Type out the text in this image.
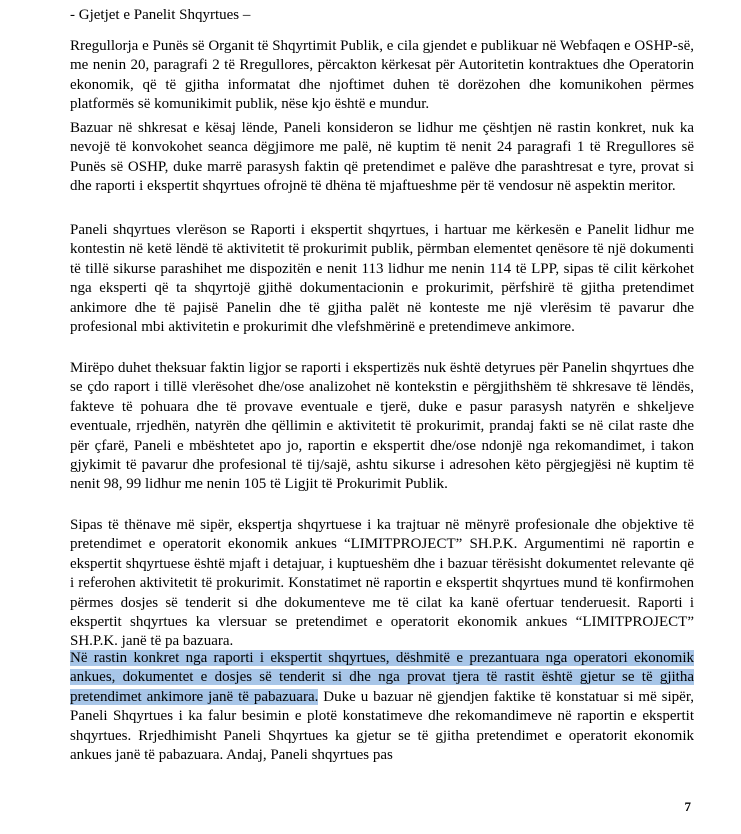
- Gjetjet e Panelit Shqyrtues –
Rregullorja e Punës së Organit të Shqyrtimit Publik, e cila gjendet e publikuar në Webfaqen e OSHP-së, me nenin 20, paragrafi 2 të Rregullores, përcakton kërkesat për Autoritetin kontraktues dhe Operatorin ekonomik, që të gjitha informatat dhe njoftimet duhen të dorëzohen dhe komunikohen përmes platformës së komunikimit publik, nëse kjo është e mundur.
Bazuar në shkresat e kësaj lënde, Paneli konsideron se lidhur me çështjen në rastin konkret, nuk ka nevojë të konvokohet seanca dëgjimore me palë, në kuptim të nenit 24 paragrafi 1 të Rregullores së Punës së OSHP, duke marrë parasysh faktin që pretendimet e palëve dhe parashtresat e tyre, provat si dhe raporti i ekspertit shqyrtues ofrojnë të dhëna të mjaftueshme për të vendosur në aspektin meritor.
Paneli shqyrtues vlerëson se Raporti i ekspertit shqyrtues, i hartuar me kërkesën e Panelit lidhur me kontestin në ketë lëndë të aktivitetit të prokurimit publik, përmban elementet qenësore të një dokumenti të tillë sikurse parashihet me dispozitën e nenit 113 lidhur me nenin 114 të LPP, sipas të cilit kërkohet nga eksperti që ta shqyrtojë gjithë dokumentacionin e prokurimit, përfshirë të gjitha pretendimet ankimore dhe të pajisë Panelin dhe të gjitha palët në konteste me një vlerësim të pavarur dhe profesional mbi aktivitetin e prokurimit dhe vlefshmërinë e pretendimeve ankimore.
Mirëpo duhet theksuar faktin ligjor se raporti i ekspertizës nuk është detyrues për Panelin shqyrtues dhe se çdo raport i tillë vlerësohet dhe/ose analizohet në kontekstin e përgjithshëm të shkresave të lëndës, fakteve të pohuara dhe të provave eventuale e tjerë, duke e pasur parasysh natyrën e shkeljeve eventuale, rrjedhën, natyrën dhe qëllimin e aktivitetit të prokurimit, prandaj fakti se në cilat raste dhe për çfarë, Paneli e mbështetet apo jo, raportin e ekspertit dhe/ose ndonjë nga rekomandimet, i takon gjykimit të pavarur dhe profesional të tij/sajë, ashtu sikurse i adresohen këto përgjegjësi në kuptim të nenit 98, 99 lidhur me nenin 105 të Ligjit të Prokurimit Publik.
Sipas të thënave më sipër, ekspertja shqyrtuese i ka trajtuar në mënyrë profesionale dhe objektive të pretendimet e operatorit ekonomik ankues “LIMITPROJECT” SH.P.K. Argumentimi në raportin e ekspertit shqyrtuese është mjaft i detajuar, i kuptueshëm dhe i bazuar tërësisht dokumentet relevante që i referohen aktivitetit të prokurimit. Konstatimet në raportin e ekspertit shqyrtues mund të konfirmohen përmes dosjes së tenderit si dhe dokumenteve me të cilat ka kanë ofertuar tenderuesit. Raporti i ekspertit shqyrtues ka vlersuar se pretendimet e operatorit ekonomik ankues “LIMITPROJECT” SH.P.K. janë të pa bazuara.
Në rastin konkret nga raporti i ekspertit shqyrtues, dëshmitë e prezantuara nga operatori ekonomik ankues, dokumentet e dosjes së tenderit si dhe nga provat tjera të rastit është gjetur se të gjitha pretendimet ankimore janë të pabazuara. Duke u bazuar në gjendjen faktike të konstatuar si më sipër, Paneli Shqyrtues i ka falur besimin e plotë konstatimeve dhe rekomandimeve në raportin e ekspertit shqyrtues. Rrjedhimisht Paneli Shqyrtues ka gjetur se të gjitha pretendimet e operatorit ekonomik ankues janë të pabazuara. Andaj, Paneli shqyrtues pas
7
